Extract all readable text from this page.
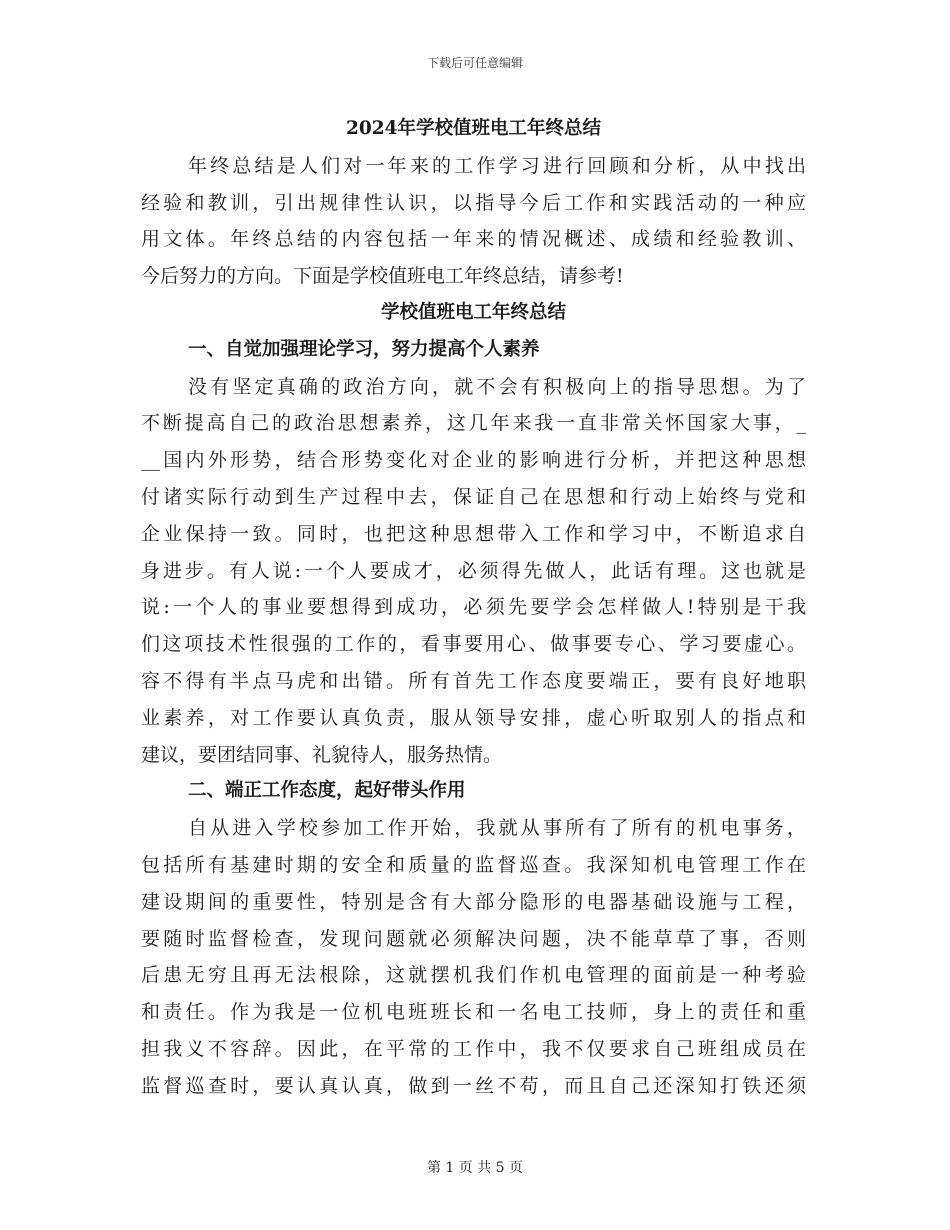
下载后可任意编辑
2024年学校值班电工年终总结
年终总结是人们对一年来的工作学习进行回顾和分析，从中找出
经验和教训，引出规律性认识，以指导今后工作和实践活动的一种应
用文体。年终总结的内容包括一年来的情况概述、成绩和经验教训、
今后努力的方向。下面是学校值班电工年终总结，请参考!
学校值班电工年终总结
一、自觉加强理论学习，努力提高个人素养
没有坚定真确的政治方向，就不会有积极向上的指导思想。为了
不断提高自己的政治思想素养，这几年来我一直非常关怀国家大事，_
__国内外形势，结合形势变化对企业的影响进行分析，并把这种思想
付诸实际行动到生产过程中去，保证自己在思想和行动上始终与党和
企业保持一致。同时，也把这种思想带入工作和学习中，不断追求自
身进步。有人说:一个人要成才，必须得先做人，此话有理。这也就是
说:一个人的事业要想得到成功，必须先要学会怎样做人!特别是干我
们这项技术性很强的工作的，看事要用心、做事要专心、学习要虚心。
容不得有半点马虎和出错。所有首先工作态度要端正，要有良好地职
业素养，对工作要认真负责，服从领导安排，虚心听取别人的指点和
建议，要团结同事、礼貌待人，服务热情。
二、端正工作态度，起好带头作用
自从进入学校参加工作开始，我就从事所有了所有的机电事务，
包括所有基建时期的安全和质量的监督巡查。我深知机电管理工作在
建设期间的重要性，特别是含有大部分隐形的电器基础设施与工程，
要随时监督检查，发现问题就必须解决问题，决不能草草了事，否则
后患无穷且再无法根除，这就摆机我们作机电管理的面前是一种考验
和责任。作为我是一位机电班班长和一名电工技师，身上的责任和重
担我义不容辞。因此，在平常的工作中，我不仅要求自己班组成员在
监督巡查时，要认真认真，做到一丝不苟，而且自己还深知打铁还须
第 1 页 共 5 页
